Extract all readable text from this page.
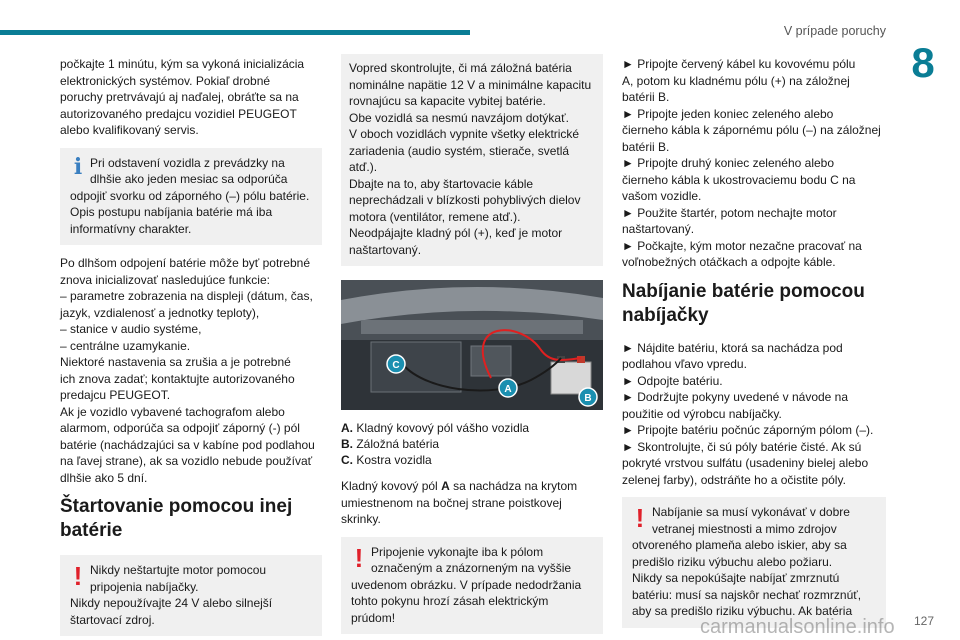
V prípade poruchy
8
127

počkajte 1 minútu, kým sa vykoná inicializácia
elektronických systémov. Pokiaľ drobné
poruchy pretrvávajú aj naďalej, obráťte sa na
autorizovaného predajcu vozidiel PEUGEOT
alebo kvalifikovaný servis.

i Pri odstavení vozidla z prevádzky na
dlhšie ako jeden mesiac sa odporúča
odpojiť svorku od záporného (–) pólu batérie.
Opis postupu nabíjania batérie má iba
informatívny charakter.

Po dlhšom odpojení batérie môže byť potrebné
znova inicializovať nasledujúce funkcie:
– parametre zobrazenia na displeji (dátum, čas,
jazyk, vzdialenosť a jednotky teploty),
– stanice v audio systéme,
– centrálne uzamykanie.
Niektoré nastavenia sa zrušia a je potrebné
ich znova zadať; kontaktujte autorizovaného
predajcu PEUGEOT.
Ak je vozidlo vybavené tachografom alebo
alarmom, odporúča sa odpojiť záporný (-) pól
batérie (nachádzajúci sa v kabíne pod podlahou
na ľavej strane), ak sa vozidlo nebude používať
dlhšie ako 5 dní.

Štartovanie pomocou inej
batérie
! Nikdy neštartujte motor pomocou
pripojenia nabíjačky.
Nikdy nepoužívajte 24 V alebo silnejší
štartovací zdroj.
Vopred skontrolujte, či má záložná batéria
nominálne napätie 12 V a minimálne kapacitu
rovnajúcu sa kapacite vybitej batérie.
Obe vozidlá sa nesmú navzájom dotýkať.
V oboch vozidlách vypnite všetky elektrické
zariadenia (audio systém, stierače, svetlá
atď.).
Dbajte na to, aby štartovacie káble
neprechádzali v blízkosti pohyblivých dielov
motora (ventilátor, remene atď.).
Neodpájajte kladný pól (+), keď je motor
naštartovaný.
C
A
B
A. Kladný kovový pól vášho vozidla
B. Záložná batéria
C. Kostra vozidla

Kladný kovový pól A sa nachádza na krytom
umiestnenom na bočnej strane poistkovej
skrinky.

! Pripojenie vykonajte iba k pólom
označeným a znázorneným na vyššie
uvedenom obrázku. V prípade nedodržania
tohto pokynu hrozí zásah elektrickým prúdom!

► Pripojte červený kábel ku kovovému pólu
A, potom ku kladnému pólu (+) na záložnej
batérii B.
► Pripojte jeden koniec zeleného alebo
čierneho kábla k zápornému pólu (–) na záložnej
batérii B.
► Pripojte druhý koniec zeleného alebo
čierneho kábla k ukostrovaciemu bodu C na
vašom vozidle.
► Použite štartér, potom nechajte motor
naštartovaný.
► Počkajte, kým motor nezačne pracovať na
voľnobežných otáčkach a odpojte káble.

Nabíjanie batérie pomocou
nabíjačky

► Nájdite batériu, ktorá sa nachádza pod
podlahou vľavo vpredu.
► Odpojte batériu.
► Dodržujte pokyny uvedené v návode na
použitie od výrobcu nabíjačky.
► Pripojte batériu počnúc záporným pólom (–).
► Skontrolujte, či sú póly batérie čisté. Ak sú
pokryté vrstvou sulfátu (usadeniny bielej alebo
zelenej farby), odstráňte ho a očistite póly.

! Nabíjanie sa musí vykonávať v dobre
vetranej miestnosti a mimo zdrojov
otvoreného plameňa alebo iskier, aby sa
predišlo riziku výbuchu alebo požiaru.
Nikdy sa nepokúšajte nabíjať zmrznutú
batériu: musí sa najskôr nechať rozmrznúť,
aby sa predišlo riziku výbuchu. Ak batéria
carmanualsonline.info
